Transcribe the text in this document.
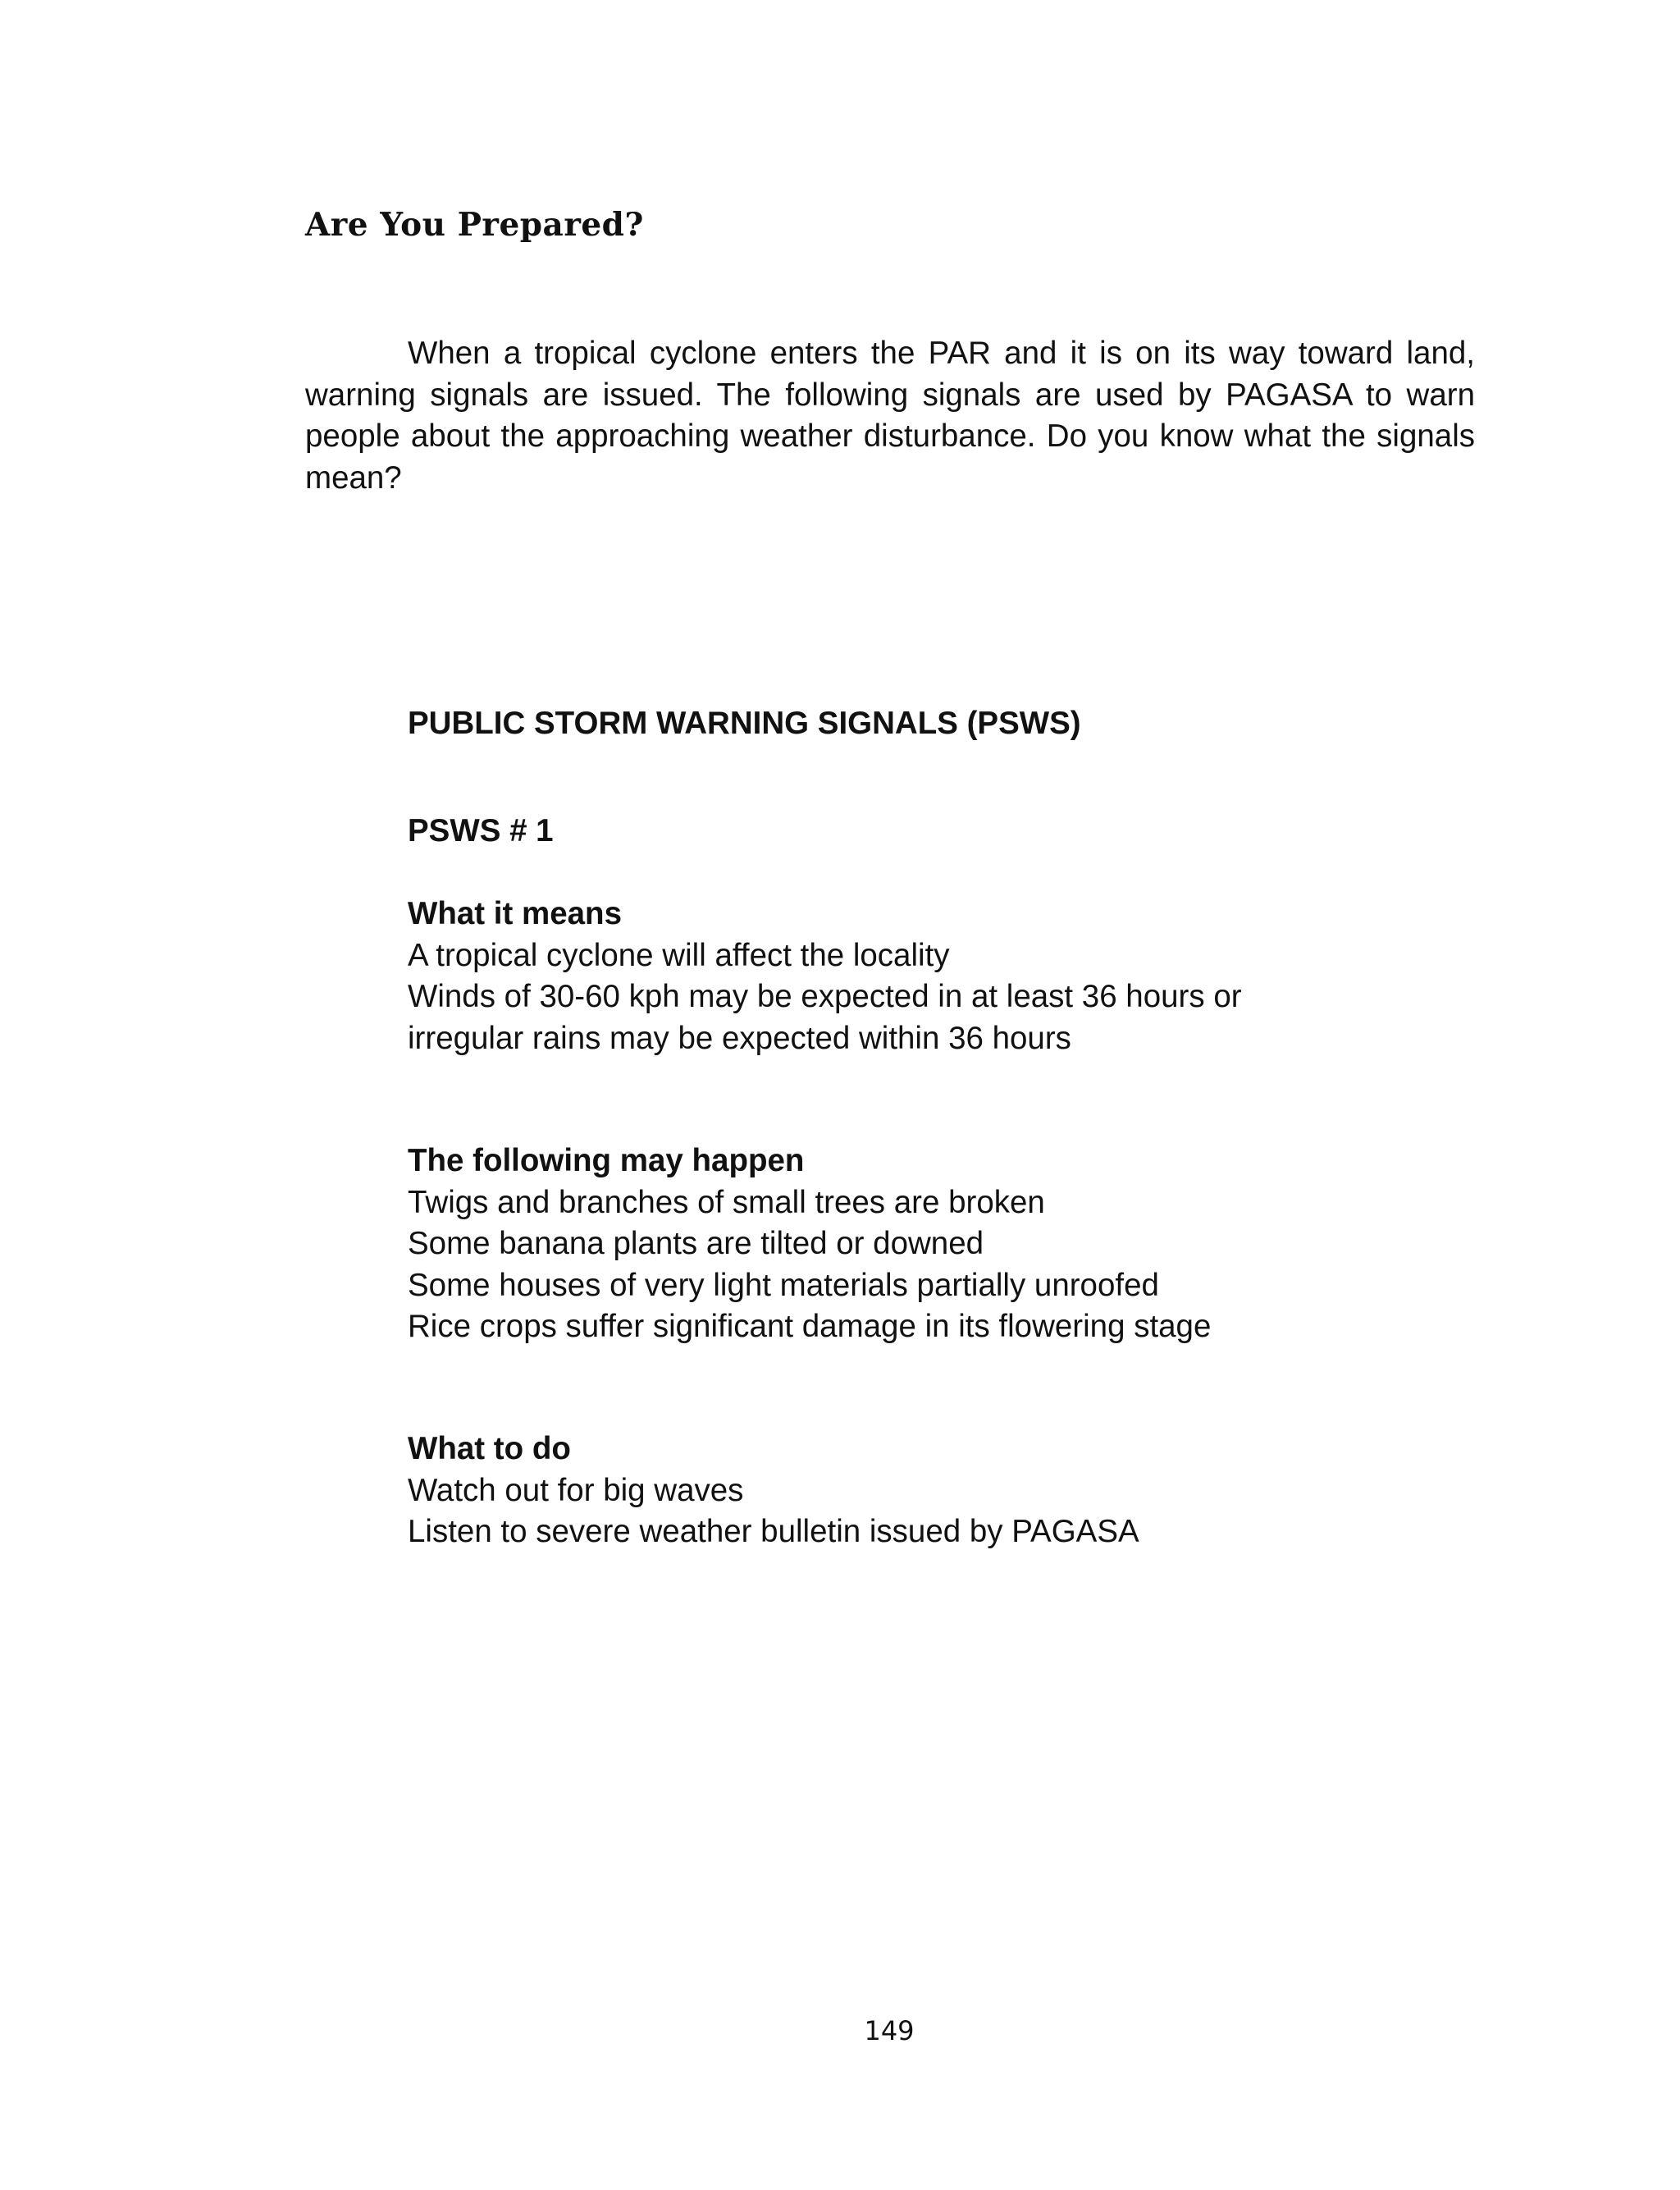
Are You Prepared?

When a tropical cyclone enters the PAR and it is on its way toward land, warning signals are issued. The following signals are used by PAGASA to warn people about the approaching weather disturbance. Do you know what the signals mean?

PUBLIC STORM WARNING SIGNALS (PSWS)

PSWS # 1

What it means
A tropical cyclone will affect the locality
Winds of 30-60 kph may be expected in at least 36 hours or
irregular rains may be expected within 36 hours
The following may happen
Twigs and branches of small trees are broken
Some banana plants are tilted or downed
Some houses of very light materials partially unroofed
Rice crops suffer significant damage in its flowering stage
What to do
Watch out for big waves
Listen to severe weather bulletin issued by PAGASA

149
